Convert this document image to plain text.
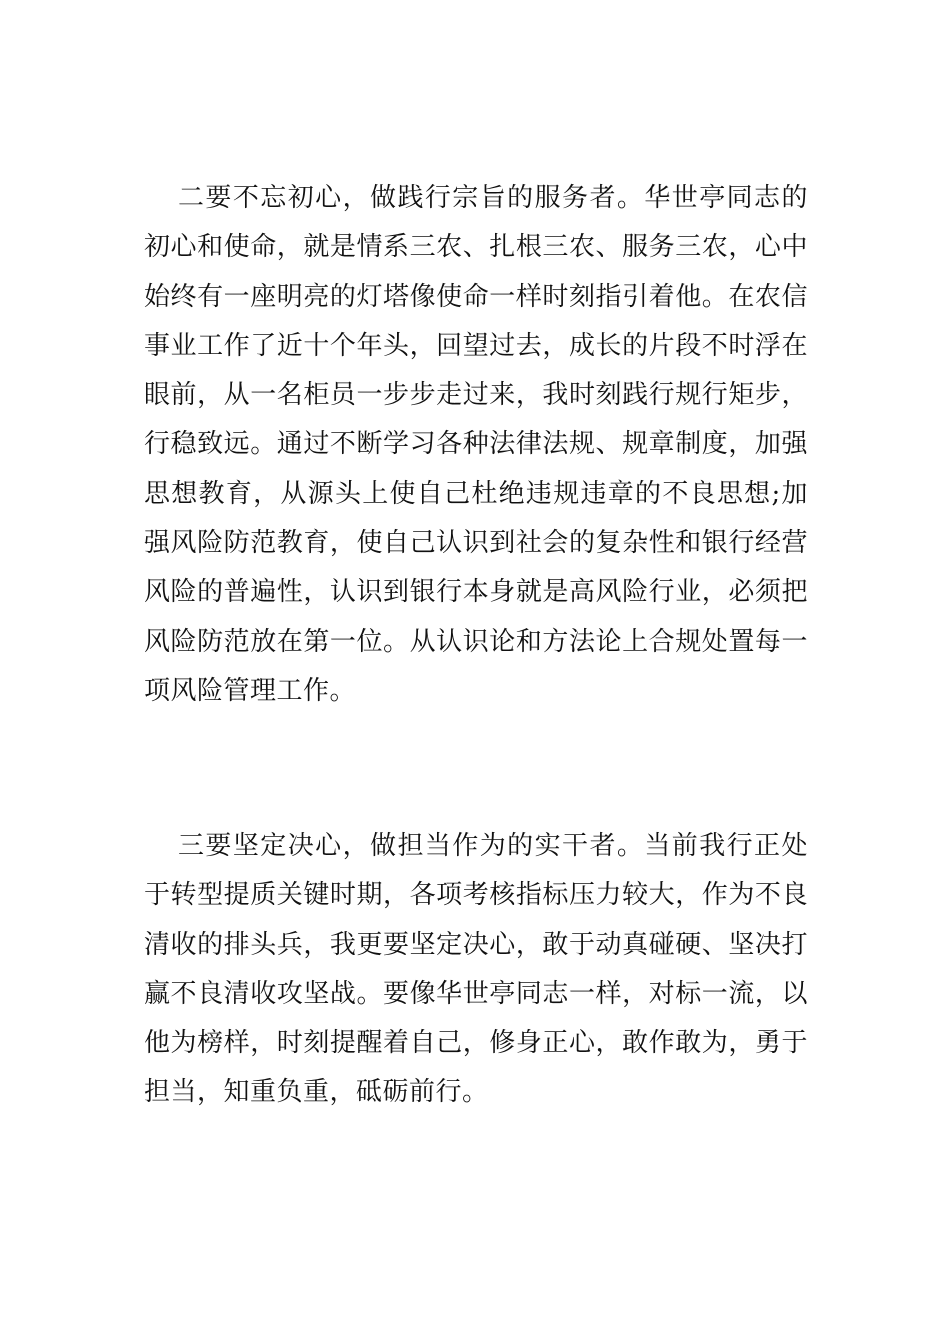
二要不忘初心，做践行宗旨的服务者。华世亭同志的初心和使命，就是情系三农、扎根三农、服务三农，心中始终有一座明亮的灯塔像使命一样时刻指引着他。在农信事业工作了近十个年头，回望过去，成长的片段不时浮在眼前，从一名柜员一步步走过来，我时刻践行规行矩步，行稳致远。通过不断学习各种法律法规、规章制度，加强思想教育，从源头上使自己杜绝违规违章的不良思想;加强风险防范教育，使自己认识到社会的复杂性和银行经营风险的普遍性，认识到银行本身就是高风险行业，必须把风险防范放在第一位。从认识论和方法论上合规处置每一项风险管理工作。

三要坚定决心，做担当作为的实干者。当前我行正处于转型提质关键时期，各项考核指标压力较大，作为不良清收的排头兵，我更要坚定决心，敢于动真碰硬、坚决打赢不良清收攻坚战。要像华世亭同志一样，对标一流，以他为榜样，时刻提醒着自己，修身正心，敢作敢为，勇于担当，知重负重，砥砺前行。
